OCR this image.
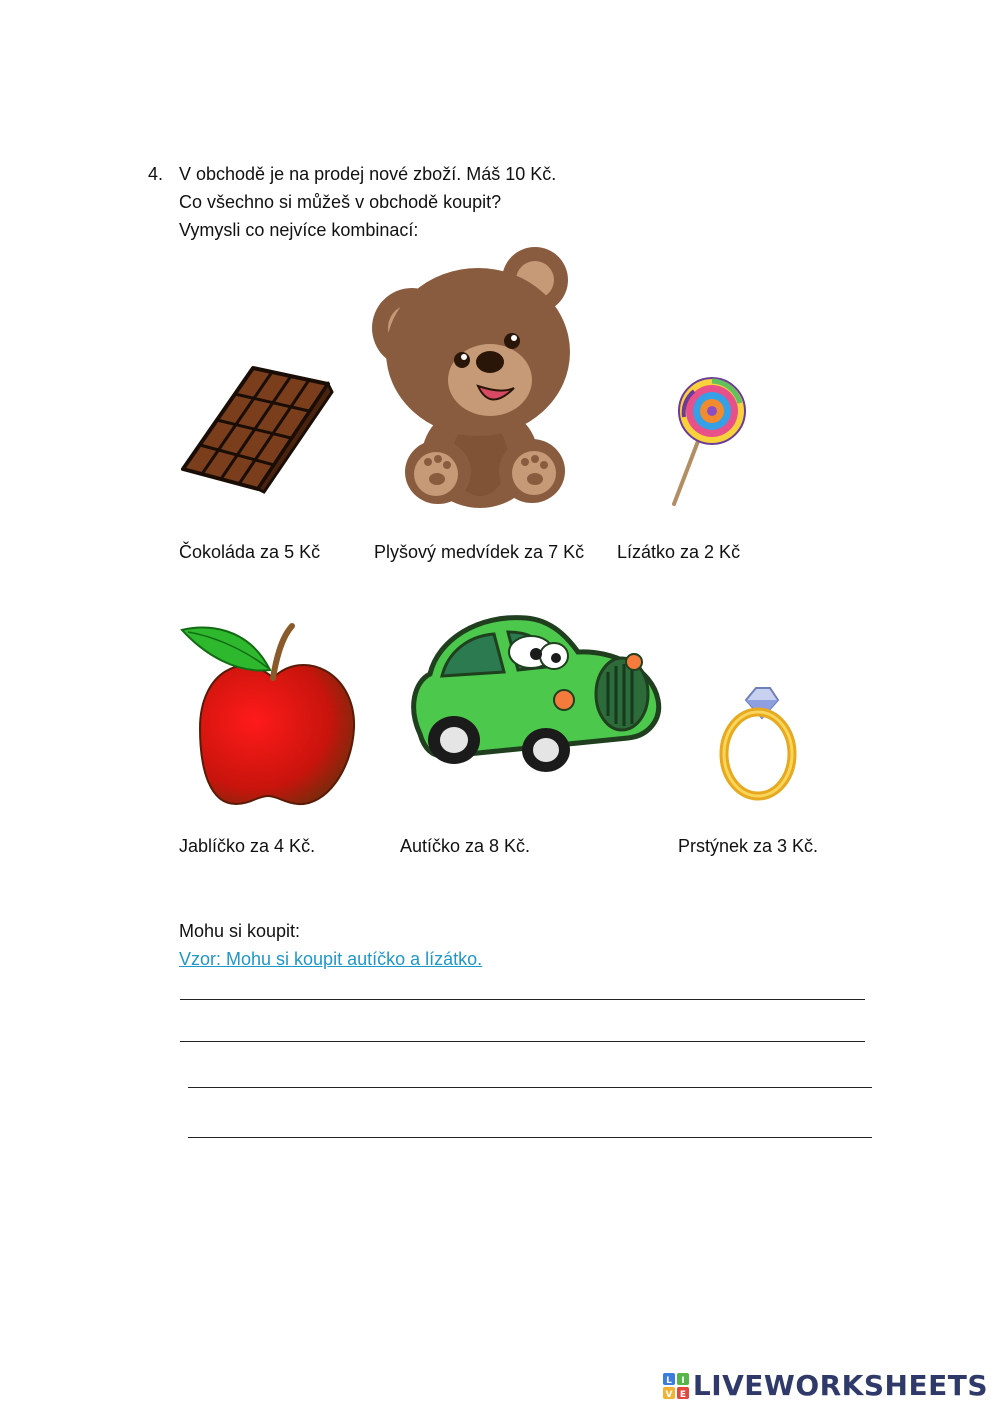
4. V obchodě je na prodej nové zboží. Máš 10 Kč.
Co všechno si můžeš v obchodě koupit?
Vymysli co nejvíce kombinací:
Čokoláda za 5 Kč	Plyšový medvídek za 7 Kč Lízátko za 2 Kč
Jablíčko za 4 Kč.	Autíčko za 8 Kč.	Prstýnek za 3 Kč.
Mohu si koupit:
Vzor: Mohu si koupit autíčko a lízátko.
L I
V E LIVEWORKSHEETS
